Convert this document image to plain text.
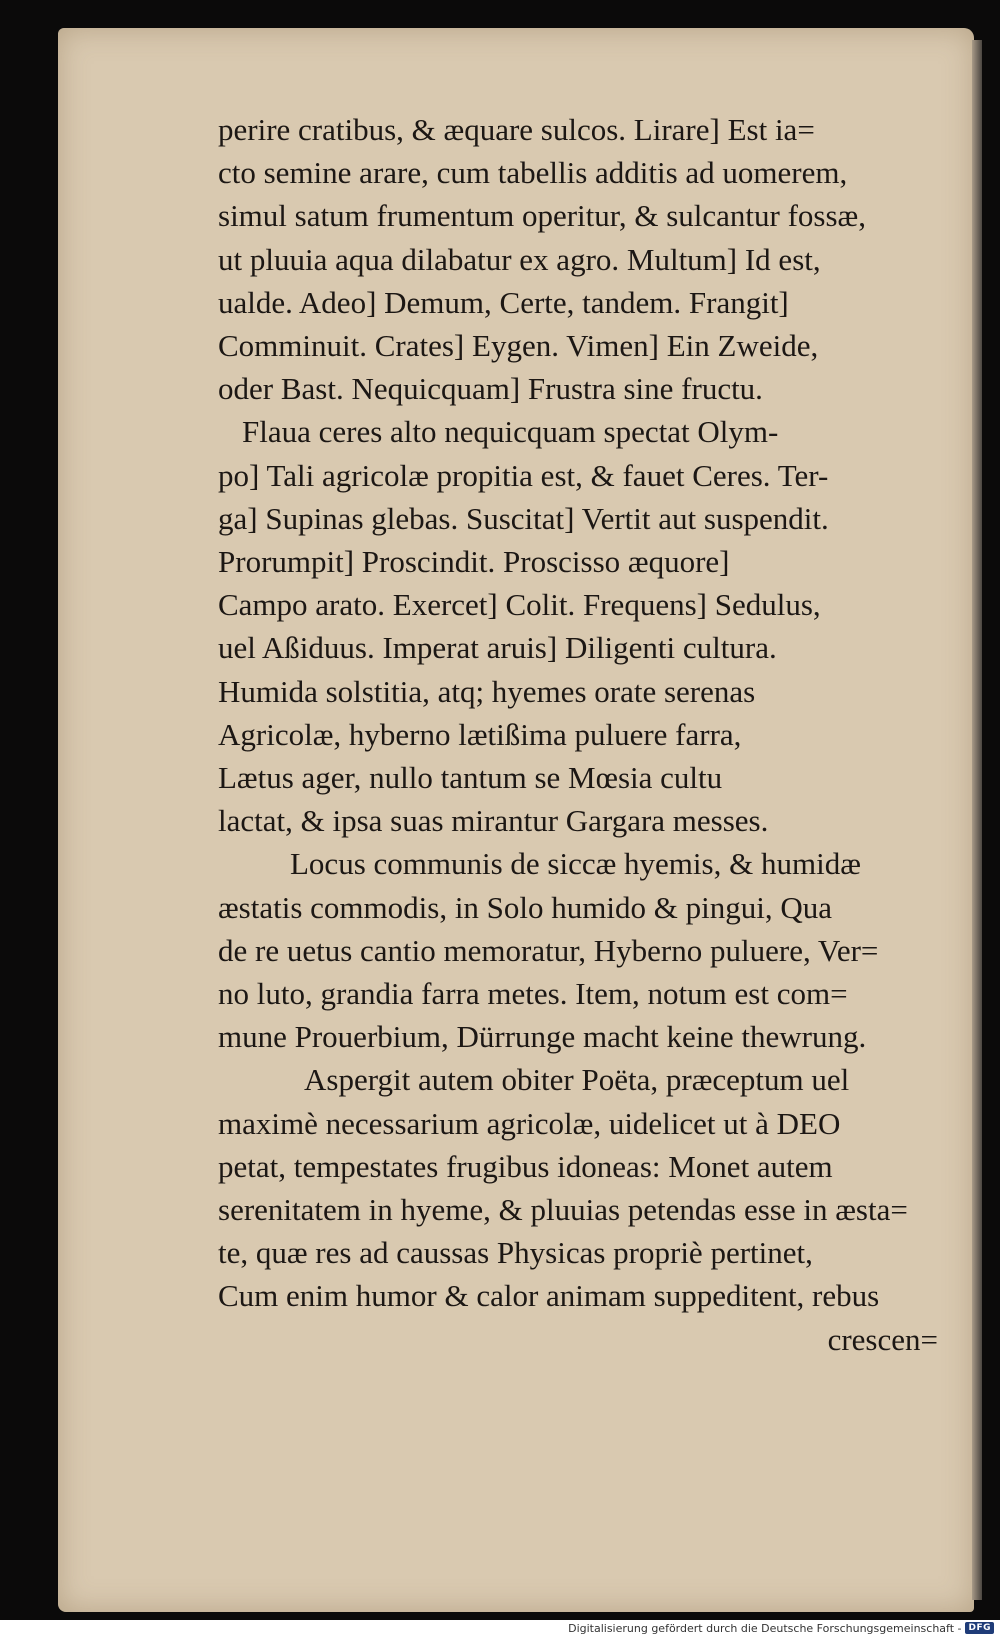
perire cratibus, & æquare sulcos. Lirare] Est ia=
cto semine arare, cum tabellis additis ad uomerem,
simul satum frumentum operitur, & sulcantur fossæ,
ut pluuia aqua dilabatur ex agro. Multum] Id est,
ualde. Adeo] Demum, Certe, tandem. Frangit]
Comminuit. Crates] Eygen. Vimen] Ein Zweide,
oder Bast. Nequicquam] Frustra sine fructu.
Flaua ceres alto nequicquam spectat Olym-
po] Tali agricolæ propitia est, & fauet Ceres. Ter-
ga] Supinas glebas. Suscitat] Vertit aut suspendit.
Prorumpit] Proscindit. Proscisso æquore]
Campo arato. Exercet] Colit. Frequens] Sedulus,
uel Aßiduus. Imperat aruis] Diligenti cultura.
Humida solstitia, atq; hyemes orate serenas
Agricolæ, hyberno lætißima puluere farra,
Lætus ager, nullo tantum se Mœsia cultu
lactat, & ipsa suas mirantur Gargara messes.
Locus communis de siccæ hyemis, & humidæ
æstatis commodis, in Solo humido & pingui, Qua
de re uetus cantio memoratur, Hyberno puluere, Ver=
no luto, grandia farra metes. Item, notum est com=
mune Prouerbium, Dürrunge macht keine thewrung.
Aspergit autem obiter Poëta, præceptum uel
maximè necessarium agricolæ, uidelicet ut à DEO
petat, tempestates frugibus idoneas: Monet autem
serenitatem in hyeme, & pluuias petendas esse in æsta=
te, quæ res ad caussas Physicas propriè pertinet,
Cum enim humor & calor animam suppeditent, rebus
crescen=
Digitalisierung gefördert durch die Deutsche Forschungsgemeinschaft - DFG
